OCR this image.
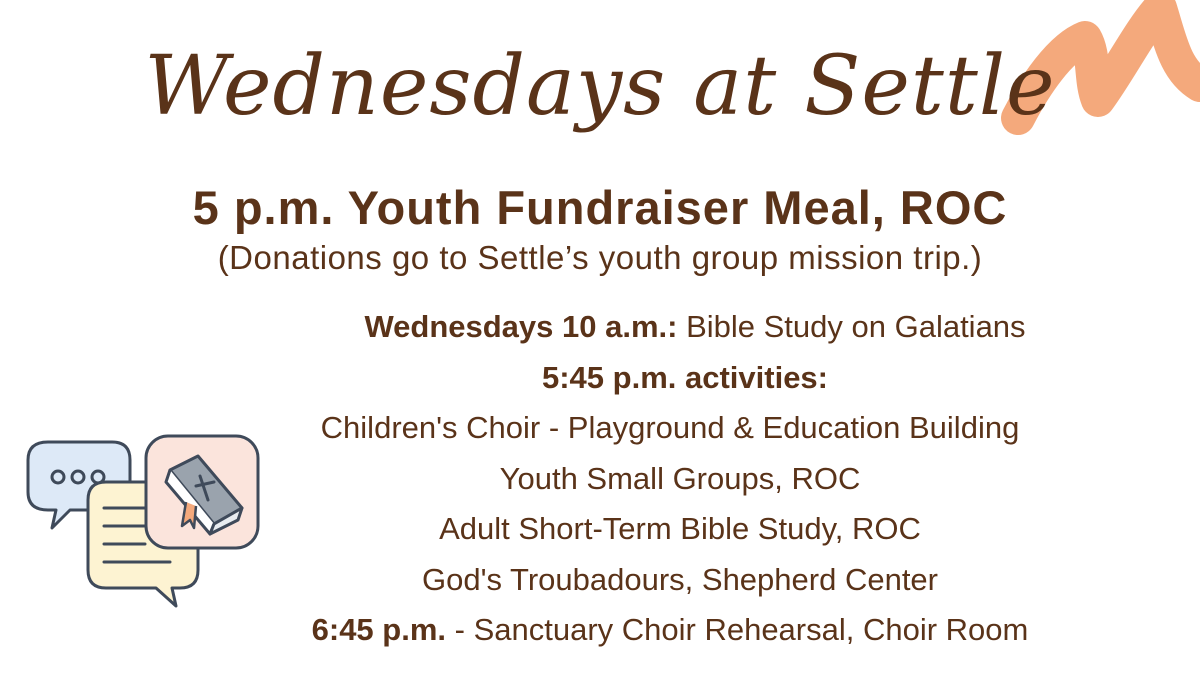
Wednesdays at Settle
5 p.m. Youth Fundraiser Meal, ROC
(Donations go to Settle’s youth group mission trip.)
Wednesdays 10 a.m.: Bible Study on Galatians
5:45 p.m. activities:
Children's Choir - Playground & Education Building
Youth Small Groups, ROC
Adult Short-Term Bible Study, ROC
God's Troubadours, Shepherd Center
6:45 p.m. - Sanctuary Choir Rehearsal, Choir Room
